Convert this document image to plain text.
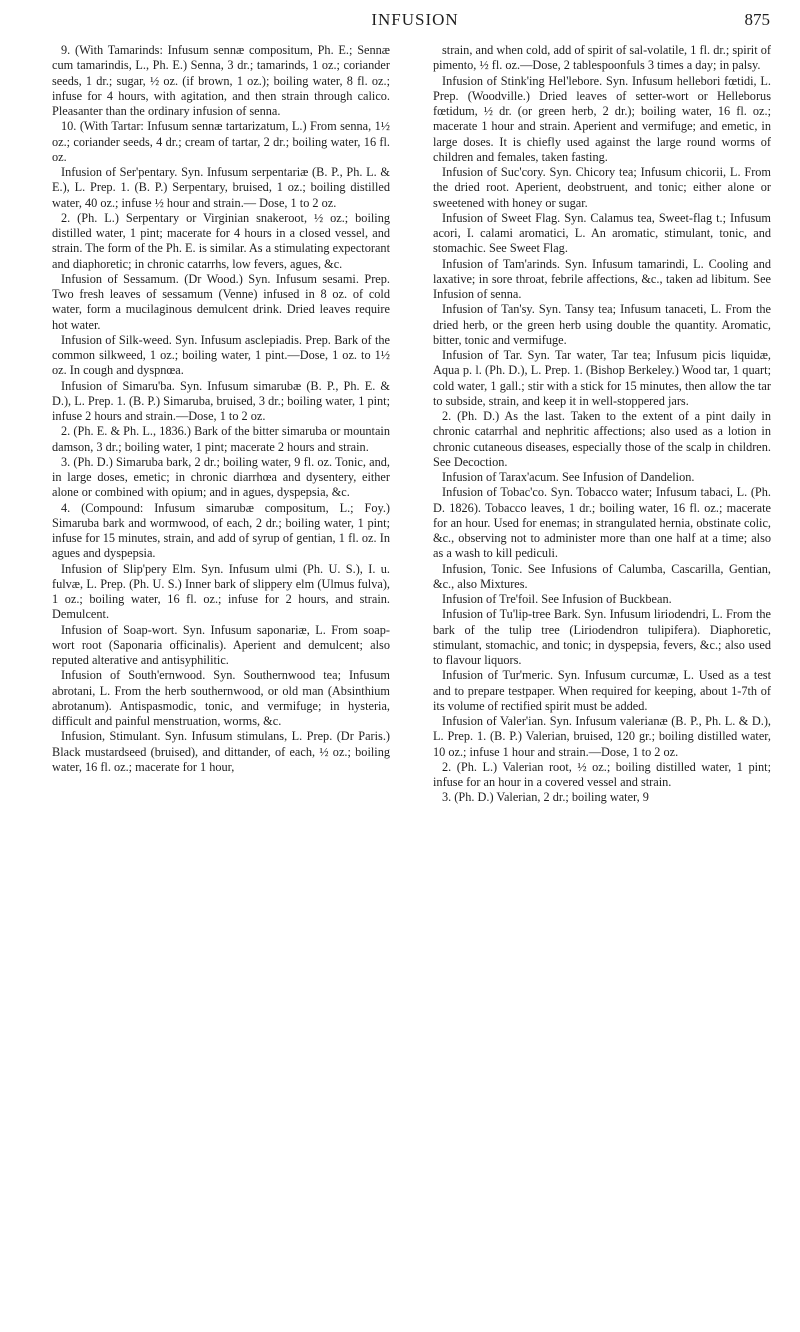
INFUSION	875

9. (With Tamarinds: Infusum sennæ compositum, Ph. E.; Sennæ cum tamarindis, L., Ph. E.) Senna, 3 dr.; tamarinds, 1 oz.; coriander seeds, 1 dr.; sugar, ½ oz. (if brown, 1 oz.); boiling water, 8 fl. oz.; infuse for 4 hours, with agitation, and then strain through calico. Pleasanter than the ordinary infusion of senna.

10. (With Tartar: Infusum sennæ tartarizatum, L.) From senna, 1½ oz.; coriander seeds, 4 dr.; cream of tartar, 2 dr.; boiling water, 16 fl. oz.

Infusion of Ser'pentary. Syn. Infusum serpentariæ (B. P., Ph. L. & E.), L. Prep. 1. (B. P.) Serpentary, bruised, 1 oz.; boiling distilled water, 40 oz.; infuse ½ hour and strain.— Dose, 1 to 2 oz.

2. (Ph. L.) Serpentary or Virginian snakeroot, ½ oz.; boiling distilled water, 1 pint; macerate for 4 hours in a closed vessel, and strain. The form of the Ph. E. is similar. As a stimulating expectorant and diaphoretic; in chronic catarrhs, low fevers, agues, &c.

Infusion of Sessamum. (Dr Wood.) Syn. Infusum sesami. Prep. Two fresh leaves of sessamum (Venne) infused in 8 oz. of cold water, form a mucilaginous demulcent drink. Dried leaves require hot water.

Infusion of Silk-weed. Syn. Infusum asclepiadis. Prep. Bark of the common silkweed, 1 oz.; boiling water, 1 pint.—Dose, 1 oz. to 1½ oz. In cough and dyspnœa.

Infusion of Simaru'ba. Syn. Infusum simarubæ (B. P., Ph. E. & D.), L. Prep. 1. (B. P.) Simaruba, bruised, 3 dr.; boiling water, 1 pint; infuse 2 hours and strain.—Dose, 1 to 2 oz.

2. (Ph. E. & Ph. L., 1836.) Bark of the bitter simaruba or mountain damson, 3 dr.; boiling water, 1 pint; macerate 2 hours and strain.

3. (Ph. D.) Simaruba bark, 2 dr.; boiling water, 9 fl. oz. Tonic, and, in large doses, emetic; in chronic diarrhœa and dysentery, either alone or combined with opium; and in agues, dyspepsia, &c.

4. (Compound: Infusum simarubæ compositum, L.; Foy.) Simaruba bark and wormwood, of each, 2 dr.; boiling water, 1 pint; infuse for 15 minutes, strain, and add of syrup of gentian, 1 fl. oz. In agues and dyspepsia.

Infusion of Slip'pery Elm. Syn. Infusum ulmi (Ph. U. S.), I. u. fulvæ, L. Prep. (Ph. U. S.) Inner bark of slippery elm (Ulmus fulva), 1 oz.; boiling water, 16 fl. oz.; infuse for 2 hours, and strain. Demulcent.

Infusion of Soap-wort. Syn. Infusum saponariæ, L. From soap-wort root (Saponaria officinalis). Aperient and demulcent; also reputed alterative and antisyphilitic.

Infusion of South'ernwood. Syn. Southernwood tea; Infusum abrotani, L. From the herb southernwood, or old man (Absinthium abrotanum). Antispasmodic, tonic, and vermifuge; in hysteria, difficult and painful menstruation, worms, &c.

Infusion, Stimulant. Syn. Infusum stimulans, L. Prep. (Dr Paris.) Black mustardseed (bruised), and dittander, of each, ½ oz.; boiling water, 16 fl. oz.; macerate for 1 hour,

strain, and when cold, add of spirit of sal-volatile, 1 fl. dr.; spirit of pimento, ½ fl. oz.—Dose, 2 tablespoonfuls 3 times a day; in palsy.

Infusion of Stink'ing Hel'lebore. Syn. Infusum hellebori fœtidi, L. Prep. (Woodville.) Dried leaves of setter-wort or Helleborus fœtidum, ½ dr. (or green herb, 2 dr.); boiling water, 16 fl. oz.; macerate 1 hour and strain. Aperient and vermifuge; and emetic, in large doses. It is chiefly used against the large round worms of children and females, taken fasting.

Infusion of Suc'cory. Syn. Chicory tea; Infusum chicorii, L. From the dried root. Aperient, deobstruent, and tonic; either alone or sweetened with honey or sugar.

Infusion of Sweet Flag. Syn. Calamus tea, Sweet-flag t.; Infusum acori, I. calami aromatici, L. An aromatic, stimulant, tonic, and stomachic. See Sweet Flag.

Infusion of Tam'arinds. Syn. Infusum tamarindi, L. Cooling and laxative; in sore throat, febrile affections, &c., taken ad libitum. See Infusion of senna.

Infusion of Tan'sy. Syn. Tansy tea; Infusum tanaceti, L. From the dried herb, or the green herb using double the quantity. Aromatic, bitter, tonic and vermifuge.

Infusion of Tar. Syn. Tar water, Tar tea; Infusum picis liquidæ, Aqua p. l. (Ph. D.), L. Prep. 1. (Bishop Berkeley.) Wood tar, 1 quart; cold water, 1 gall.; stir with a stick for 15 minutes, then allow the tar to subside, strain, and keep it in well-stoppered jars.

2. (Ph. D.) As the last. Taken to the extent of a pint daily in chronic catarrhal and nephritic affections; also used as a lotion in chronic cutaneous diseases, especially those of the scalp in children. See Decoction.

Infusion of Tarax'acum. See Infusion of Dandelion.

Infusion of Tobac'co. Syn. Tobacco water; Infusum tabaci, L. (Ph. D. 1826). Tobacco leaves, 1 dr.; boiling water, 16 fl. oz.; macerate for an hour. Used for enemas; in strangulated hernia, obstinate colic, &c., observing not to administer more than one half at a time; also as a wash to kill pediculi.

Infusion, Tonic. See Infusions of Calumba, Cascarilla, Gentian, &c., also Mixtures.

Infusion of Tre'foil. See Infusion of Buckbean.

Infusion of Tu'lip-tree Bark. Syn. Infusum liriodendri, L. From the bark of the tulip tree (Liriodendron tulipifera). Diaphoretic, stimulant, stomachic, and tonic; in dyspepsia, fevers, &c.; also used to flavour liquors.

Infusion of Tur'meric. Syn. Infusum curcumæ, L. Used as a test and to prepare testpaper. When required for keeping, about 1-7th of its volume of rectified spirit must be added.

Infusion of Valer'ian. Syn. Infusum valerianæ (B. P., Ph. L. & D.), L. Prep. 1. (B. P.) Valerian, bruised, 120 gr.; boiling distilled water, 10 oz.; infuse 1 hour and strain.—Dose, 1 to 2 oz.

2. (Ph. L.) Valerian root, ½ oz.; boiling distilled water, 1 pint; infuse for an hour in a covered vessel and strain.

3. (Ph. D.) Valerian, 2 dr.; boiling water, 9
